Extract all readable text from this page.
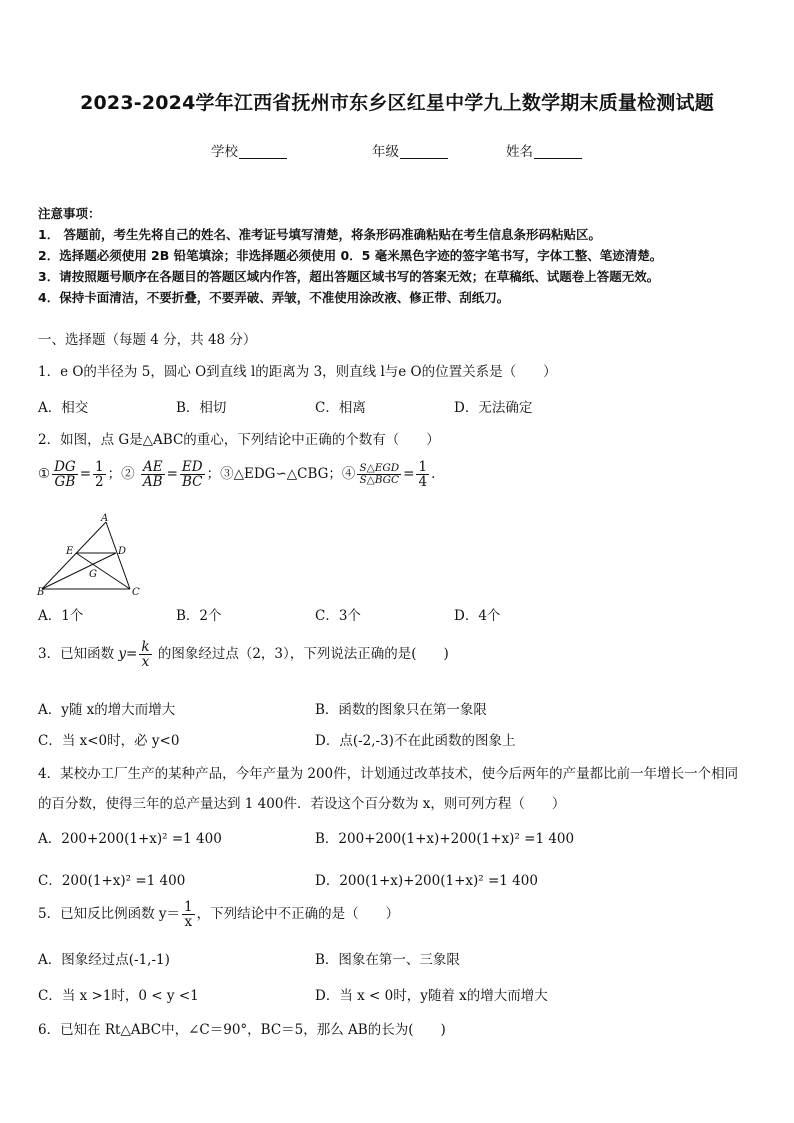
2023-2024学年江西省抚州市东乡区红星中学九上数学期末质量检测试题
学校	年级	姓名
注意事项：
1． 答题前，考生先将自己的姓名、准考证号填写清楚，将条形码准确粘贴在考生信息条形码粘贴区。
2．选择题必须使用 2B 铅笔填涂；非选择题必须使用 0．5 毫米黑色字迹的签字笔书写，字体工整、笔迹清楚。
3．请按照题号顺序在各题目的答题区域内作答，超出答题区域书写的答案无效；在草稿纸、试题卷上答题无效。
4．保持卡面清洁，不要折叠，不要弄破、弄皱，不准使用涂改液、修正带、刮纸刀。
一、选择题（每题 4 分，共 48 分）
1．e O的半径为 5，圆心 O到直线 l的距离为 3，则直线 l与e O的位置关系是（　　）
A．相交	B．相切	C．相离	D．无法确定
2．如图，点 G是△ABC的重心，下列结论中正确的个数有（　　）
① $\frac{DG}{GB} = \frac{1}{2}$ ；② $\frac{AE}{AB} = \frac{ED}{BC}$ ；③△EDG∽△CBG；④ $\frac{\text{S△EGD}}{\text{S△BGC}} = \frac{1}{4}$ .
A
E	D
G
B	C
A．1个	B．2个	C．3个	D．4个
3．已知函数 $y= \frac{k}{x}$ 的图象经过点（2，3），下列说法正确的是(　　)
A．y随 x的增大而增大	B．函数的图象只在第一象限
C．当 x<0时，必 y<0	D．点(-2,-3)不在此函数的图象上
4．某校办工厂生产的某种产品，今年产量为 200件，计划通过改革技术，使今后两年的产量都比前一年增长一个相同
的百分数，使得三年的总产量达到 1 400件．若设这个百分数为 x，则可列方程（　　）
A．200+200(1+x)² =1 400	B．200+200(1+x)+200(1+x)² =1 400
C．200(1+x)² =1 400	D．200(1+x)+200(1+x)² =1 400
5．已知反比例函数 $y= \frac{1}{x}$ ，下列结论中不正确的是（　　）
A．图象经过点(-1,-1)	B．图象在第一、三象限
C．当 x >1时，0 < y <1	D．当 x < 0时，y随着 x的增大而增大
6．已知在 Rt△ABC中，∠C＝90°，BC＝5，那么 AB的长为(　　)
